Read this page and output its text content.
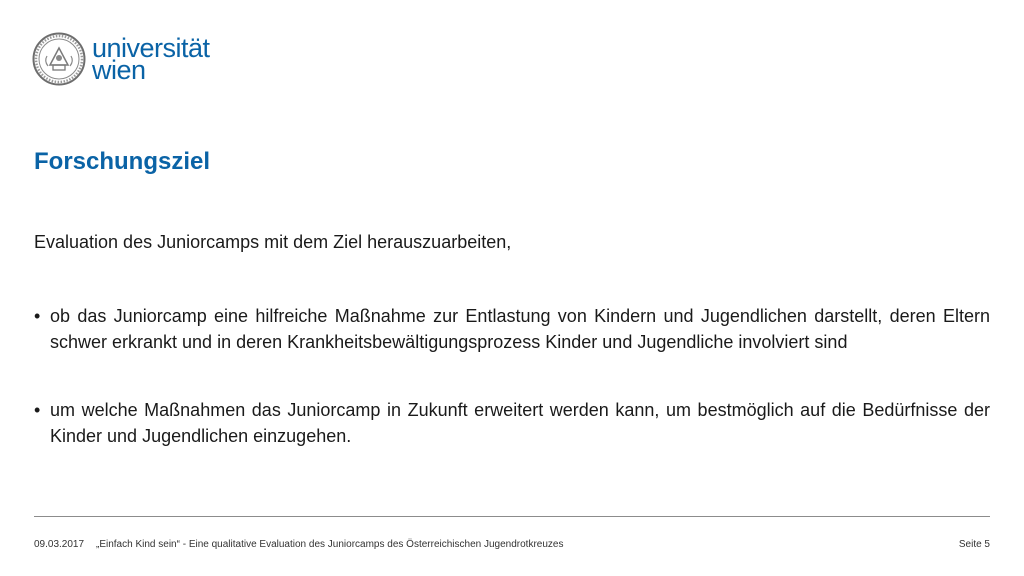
universität
wien
Forschungsziel

Evaluation des Juniorcamps mit dem Ziel herauszuarbeiten,

• ob das Juniorcamp eine hilfreiche Maßnahme zur Entlastung von Kindern und Jugendlichen darstellt, deren Eltern schwer erkrankt und in deren Krankheitsbewältigungsprozess Kinder und Jugendliche involviert sind
• um welche Maßnahmen das Juniorcamp in Zukunft erweitert werden kann, um bestmöglich auf die Bedürfnisse der Kinder und Jugendlichen einzugehen.
09.03.2017 „Einfach Kind sein“ - Eine qualitative Evaluation des Juniorcamps des Österreichischen Jugendrotkreuzes	Seite 5
